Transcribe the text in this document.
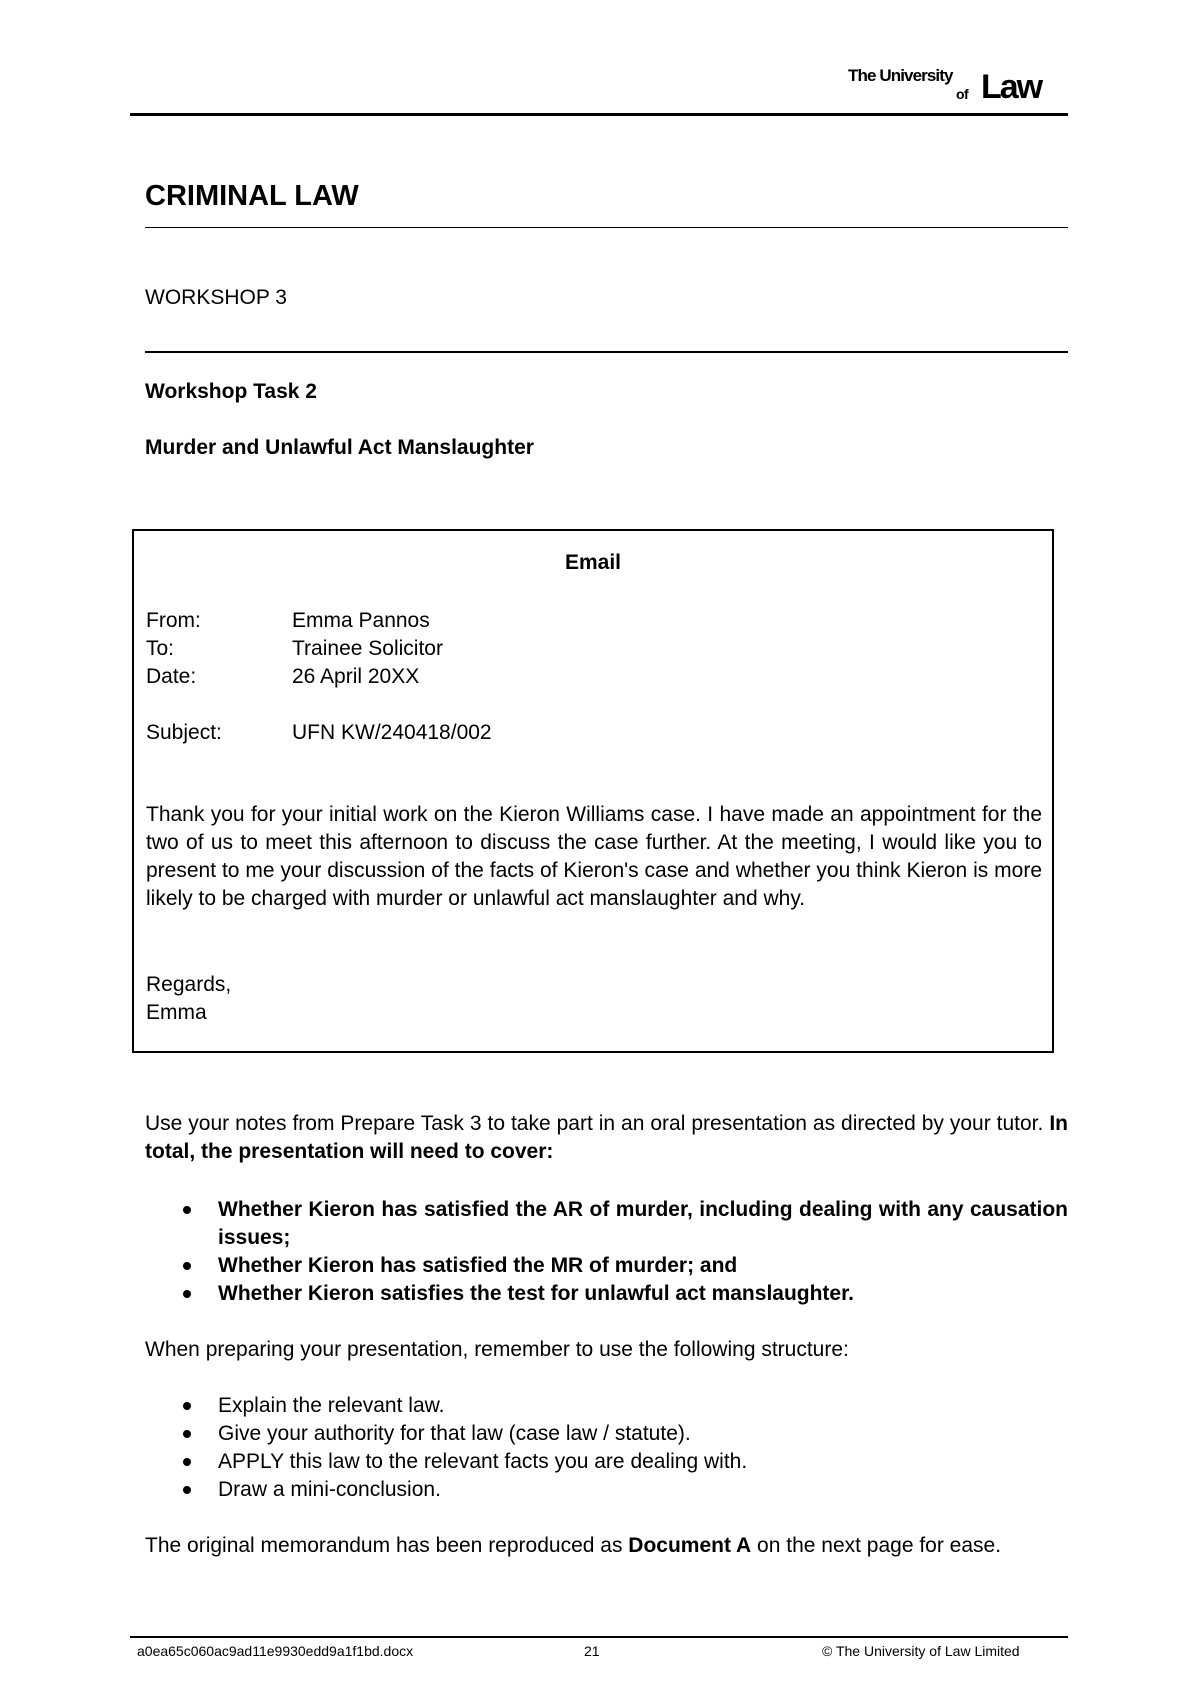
The University
of Law
CRIMINAL LAW
WORKSHOP 3
Workshop Task 2
Murder and Unlawful Act Manslaughter
Email
From:	Emma Pannos
To:	Trainee Solicitor
Date:	26 April 20XX
Subject:	UFN KW/240418/002
Thank you for your initial work on the Kieron Williams case. I have made an appointment for the two of us to meet this afternoon to discuss the case further. At the meeting, I would like you to present to me your discussion of the facts of Kieron's case and whether you think Kieron is more likely to be charged with murder or unlawful act manslaughter and why.
Regards,
Emma
Use your notes from Prepare Task 3 to take part in an oral presentation as directed by your tutor. In total, the presentation will need to cover:
Whether Kieron has satisfied the AR of murder, including dealing with any causation issues;
Whether Kieron has satisfied the MR of murder; and
Whether Kieron satisfies the test for unlawful act manslaughter.
When preparing your presentation, remember to use the following structure:
Explain the relevant law.
Give your authority for that law (case law / statute).
APPLY this law to the relevant facts you are dealing with.
Draw a mini-conclusion.
The original memorandum has been reproduced as Document A on the next page for ease.
a0ea65c060ac9ad11e9930edd9a1f1bd.docx	21	© The University of Law Limited
